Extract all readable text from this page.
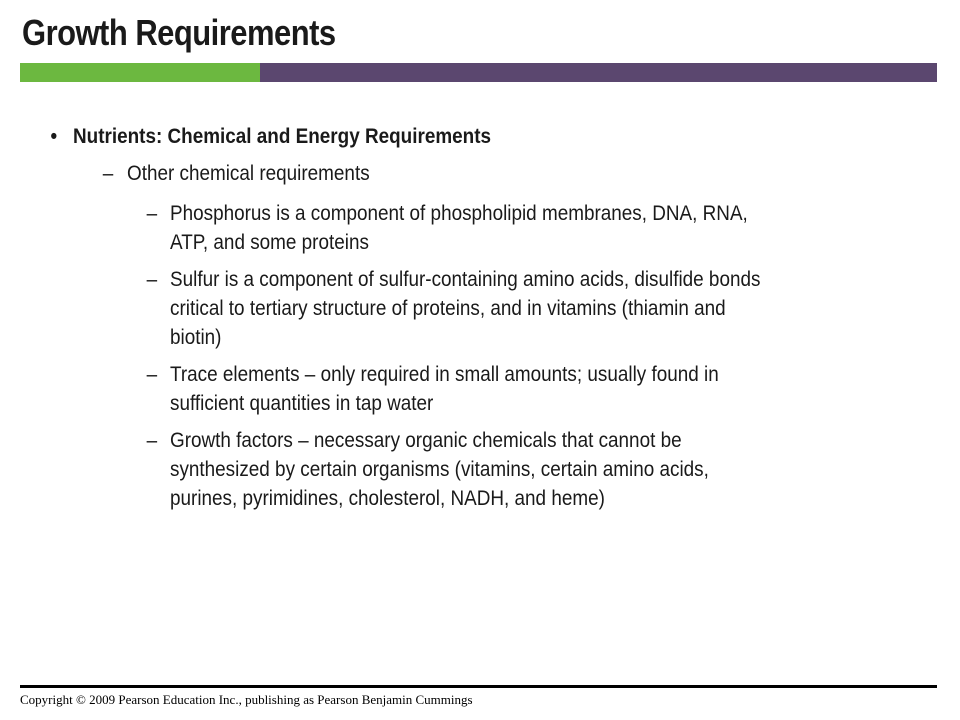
Growth Requirements
• Nutrients: Chemical and Energy Requirements
– Other chemical requirements
– Phosphorus is a component of phospholipid membranes, DNA, RNA,
ATP, and some proteins
– Sulfur is a component of sulfur-containing amino acids, disulfide bonds
critical to tertiary structure of proteins, and in vitamins (thiamin and
biotin)
– Trace elements – only required in small amounts; usually found in
sufficient quantities in tap water
– Growth factors – necessary organic chemicals that cannot be
synthesized by certain organisms (vitamins, certain amino acids,
purines, pyrimidines, cholesterol, NADH, and heme)
Copyright © 2009 Pearson Education Inc., publishing as Pearson Benjamin Cummings
